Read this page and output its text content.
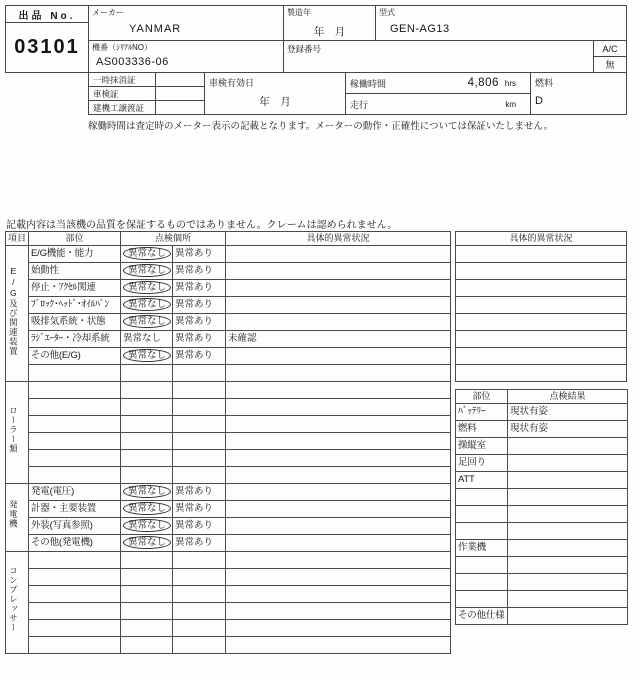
出品 No.
03101
メーカー
YANMAR
製造年
年　月
型式
GEN-AG13
機番（ｼﾘｱﾙNO）
AS003336-06
登録番号	A/C
無
一時抹消証
車検証
建機工譲渡証
車検有効日
年　月
稼働時間	4,806 hrs
走行	km
燃料
D
稼働時間は査定時のメーター表示の記載となります。メーターの動作・正確性については保証いたしません。
記載内容は当該機の品質を保証するものではありません。クレームは認められません。
項目	部位	点検個所		具体的異常状況
E/G及び関連装置	E/G機能・能力	異常なし	異常あり	
	始動性	異常なし	異常あり	
	停止・ｱｸｾﾙ関連	異常なし	異常あり	
	ﾌﾞﾛｯｸ･ﾍｯﾄﾞ･ｵｲﾙﾊﾟﾝ	異常なし	異常あり	
	吸排気系統・状態	異常なし	異常あり	
	ﾗｼﾞｴｰﾀｰ・冷却系統	異常なし	異常あり	未確認
	その他(E/G)	異常なし	異常あり	

ローラー類				

発電機	発電(電圧)	異常なし	異常あり	
	計器・主要装置	異常なし	異常あり	
	外装(写真参照)	異常なし	異常あり	
	その他(発電機)	異常なし	異常あり	
コンプレッサー				

具体的異常状況

部位	点検結果
ﾊﾞｯﾃﾘｰ	現状有姿
燃料	現状有姿
操縦室	
足回り	
ATT	

作業機	

その他仕様	
